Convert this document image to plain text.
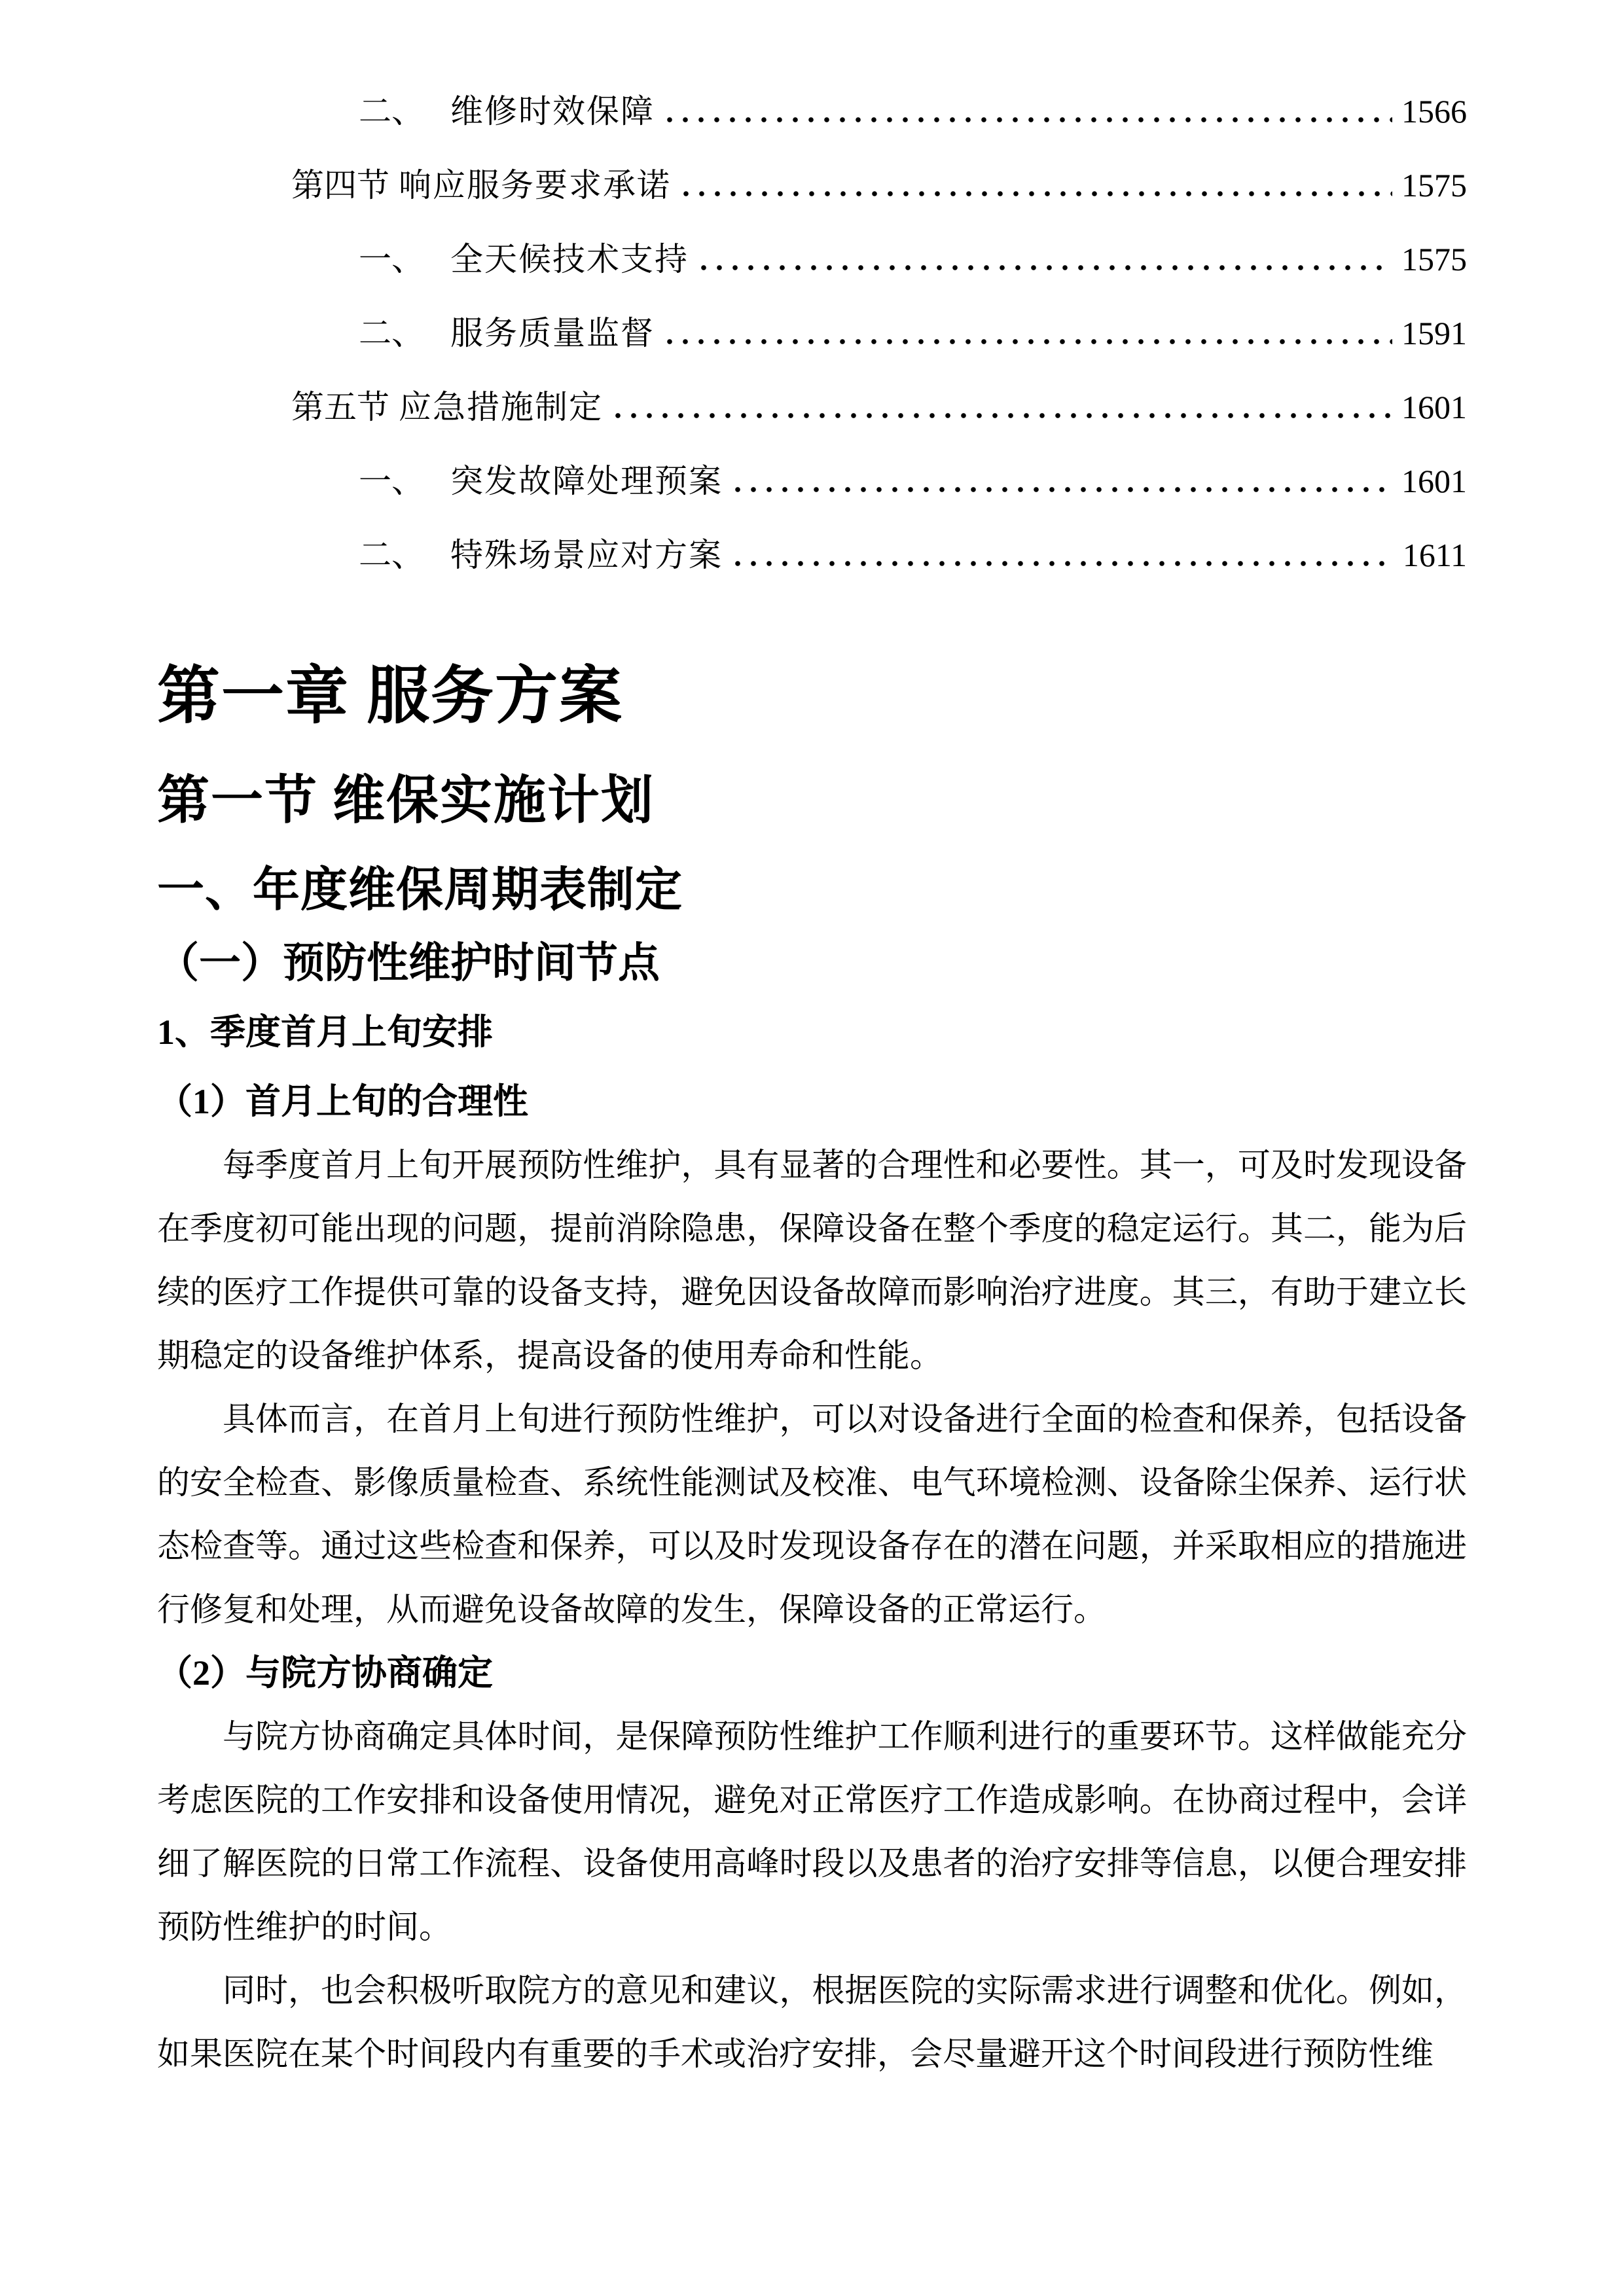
二、 维修时效保障	1566
第四节 响应服务要求承诺	1575
一、 全天候技术支持	1575
二、 服务质量监督	1591
第五节 应急措施制定	1601
一、 突发故障处理预案	1601
二、 特殊场景应对方案	1611
第一章 服务方案
第一节 维保实施计划
一、年度维保周期表制定
（一）预防性维护时间节点
1、季度首月上旬安排
（1）首月上旬的合理性

每季度首月上旬开展预防性维护，具有显著的合理性和必要性。其一，可及时发现设备在季度初可能出现的问题，提前消除隐患，保障设备在整个季度的稳定运行。其二，能为后续的医疗工作提供可靠的设备支持，避免因设备故障而影响治疗进度。其三，有助于建立长期稳定的设备维护体系，提高设备的使用寿命和性能。

具体而言，在首月上旬进行预防性维护，可以对设备进行全面的检查和保养，包括设备的安全检查、影像质量检查、系统性能测试及校准、电气环境检测、设备除尘保养、运行状态检查等。通过这些检查和保养，可以及时发现设备存在的潜在问题，并采取相应的措施进行修复和处理，从而避免设备故障的发生，保障设备的正常运行。

（2）与院方协商确定

与院方协商确定具体时间，是保障预防性维护工作顺利进行的重要环节。这样做能充分考虑医院的工作安排和设备使用情况，避免对正常医疗工作造成影响。在协商过程中，会详细了解医院的日常工作流程、设备使用高峰时段以及患者的治疗安排等信息，以便合理安排预防性维护的时间。

同时，也会积极听取院方的意见和建议，根据医院的实际需求进行调整和优化。例如，如果医院在某个时间段内有重要的手术或治疗安排，会尽量避开这个时间段进行预防性维
